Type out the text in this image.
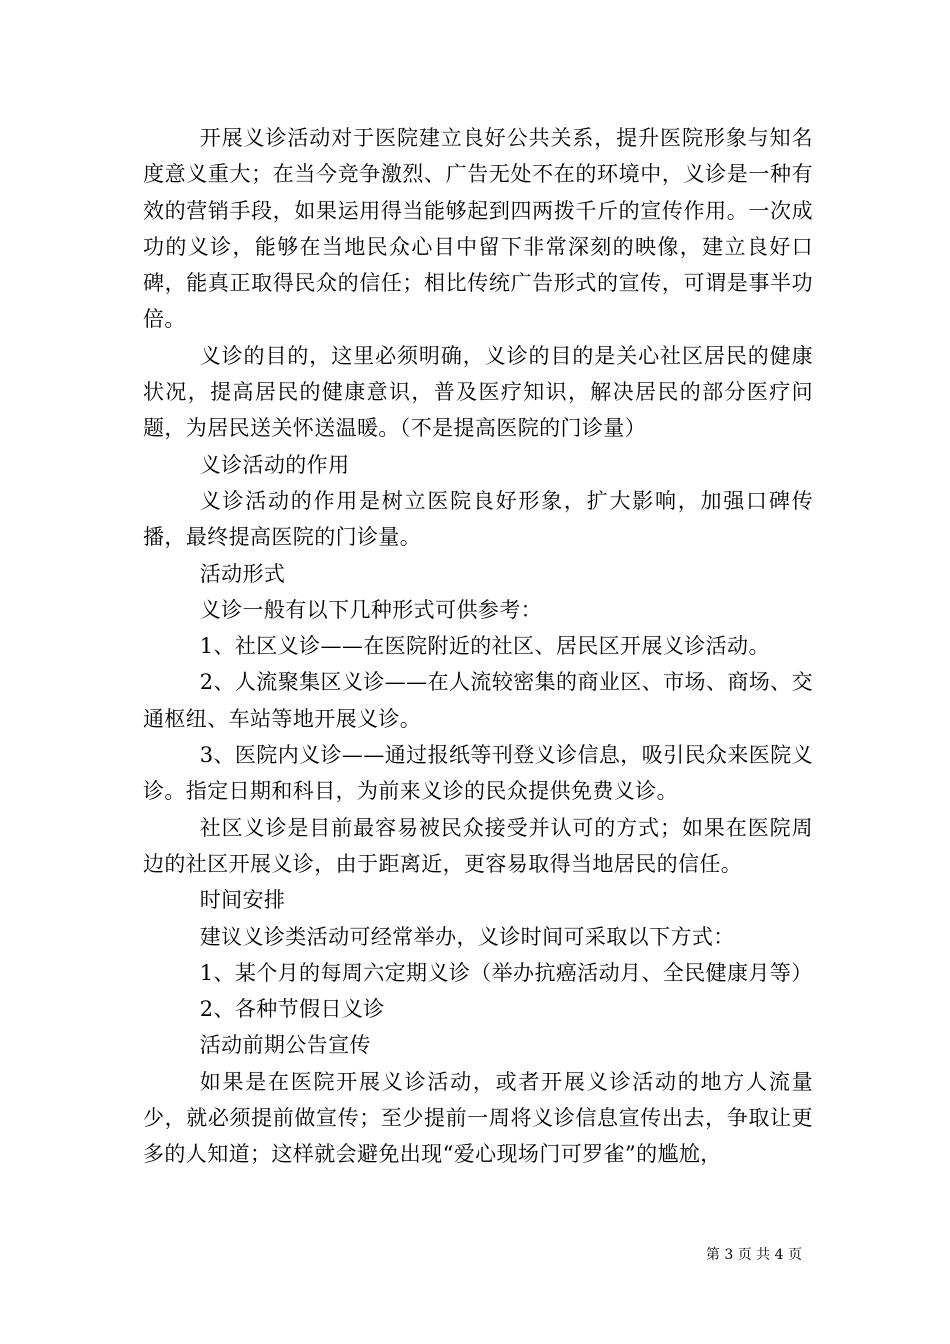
开展义诊活动对于医院建立良好公共关系，提升医院形象与知名度意义重大；在当今竞争激烈、广告无处不在的环境中，义诊是一种有效的营销手段，如果运用得当能够起到四两拨千斤的宣传作用。一次成功的义诊，能够在当地民众心目中留下非常深刻的映像，建立良好口碑，能真正取得民众的信任；相比传统广告形式的宣传，可谓是事半功倍。

义诊的目的，这里必须明确，义诊的目的是关心社区居民的健康状况，提高居民的健康意识，普及医疗知识，解决居民的部分医疗问题，为居民送关怀送温暖。（不是提高医院的门诊量）

义诊活动的作用

义诊活动的作用是树立医院良好形象，扩大影响，加强口碑传播，最终提高医院的门诊量。

活动形式

义诊一般有以下几种形式可供参考：

1、社区义诊——在医院附近的社区、居民区开展义诊活动。

2、人流聚集区义诊——在人流较密集的商业区、市场、商场、交通枢纽、车站等地开展义诊。

3、医院内义诊——通过报纸等刊登义诊信息，吸引民众来医院义诊。指定日期和科目，为前来义诊的民众提供免费义诊。

社区义诊是目前最容易被民众接受并认可的方式；如果在医院周边的社区开展义诊，由于距离近，更容易取得当地居民的信任。

时间安排

建议义诊类活动可经常举办，义诊时间可采取以下方式：

1、某个月的每周六定期义诊（举办抗癌活动月、全民健康月等）

2、各种节假日义诊

活动前期公告宣传

如果是在医院开展义诊活动，或者开展义诊活动的地方人流量少，就必须提前做宣传；至少提前一周将义诊信息宣传出去，争取让更多的人知道；这样就会避免出现“爱心现场门可罗雀”的尴尬，

第 3 页 共 4 页
